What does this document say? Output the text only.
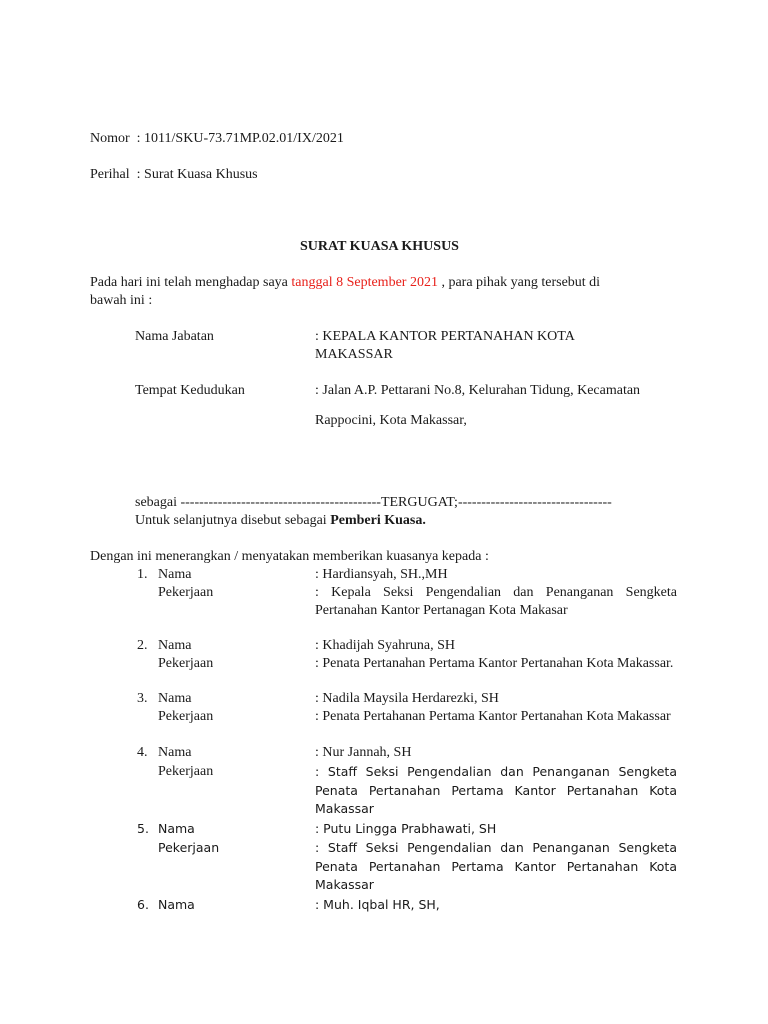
Nomor : 1011/SKU-73.71MP.02.01/IX/2021
Perihal : Surat Kuasa Khusus
SURAT KUASA KHUSUS
Pada hari ini telah menghadap saya tanggal 8 September 2021 , para pihak yang tersebut di
bawah ini :
Nama Jabatan	: KEPALA KANTOR PERTANAHAN KOTA
MAKASSAR
Tempat Kedudukan	: Jalan A.P. Pettarani No.8, Kelurahan Tidung, Kecamatan
Rappocini, Kota Makassar,
sebagai -------------------------------------------TERGUGAT;---------------------------------
Untuk selanjutnya disebut sebagai Pemberi Kuasa.
Dengan ini menerangkan / menyatakan memberikan kuasanya kepada :
1. Nama	: Hardiansyah, SH.,MH
Pekerjaan	: Kepala Seksi Pengendalian dan Penanganan Sengketa Pertanahan Kantor Pertanagan Kota Makasar
2. Nama	: Khadijah Syahruna, SH
Pekerjaan	: Penata Pertanahan Pertama Kantor Pertanahan Kota Makassar.
3. Nama	: Nadila Maysila Herdarezki, SH
Pekerjaan	: Penata Pertahanan Pertama Kantor Pertanahan Kota Makassar
4. Nama	: Nur Jannah, SH
Pekerjaan	: Staff Seksi Pengendalian dan Penanganan Sengketa Penata Pertanahan Pertama Kantor Pertanahan Kota Makassar
5. Nama	: Putu Lingga Prabhawati, SH
Pekerjaan	: Staff Seksi Pengendalian dan Penanganan Sengketa Penata Pertanahan Pertama Kantor Pertanahan Kota Makassar
6. Nama	: Muh. Iqbal HR, SH,
